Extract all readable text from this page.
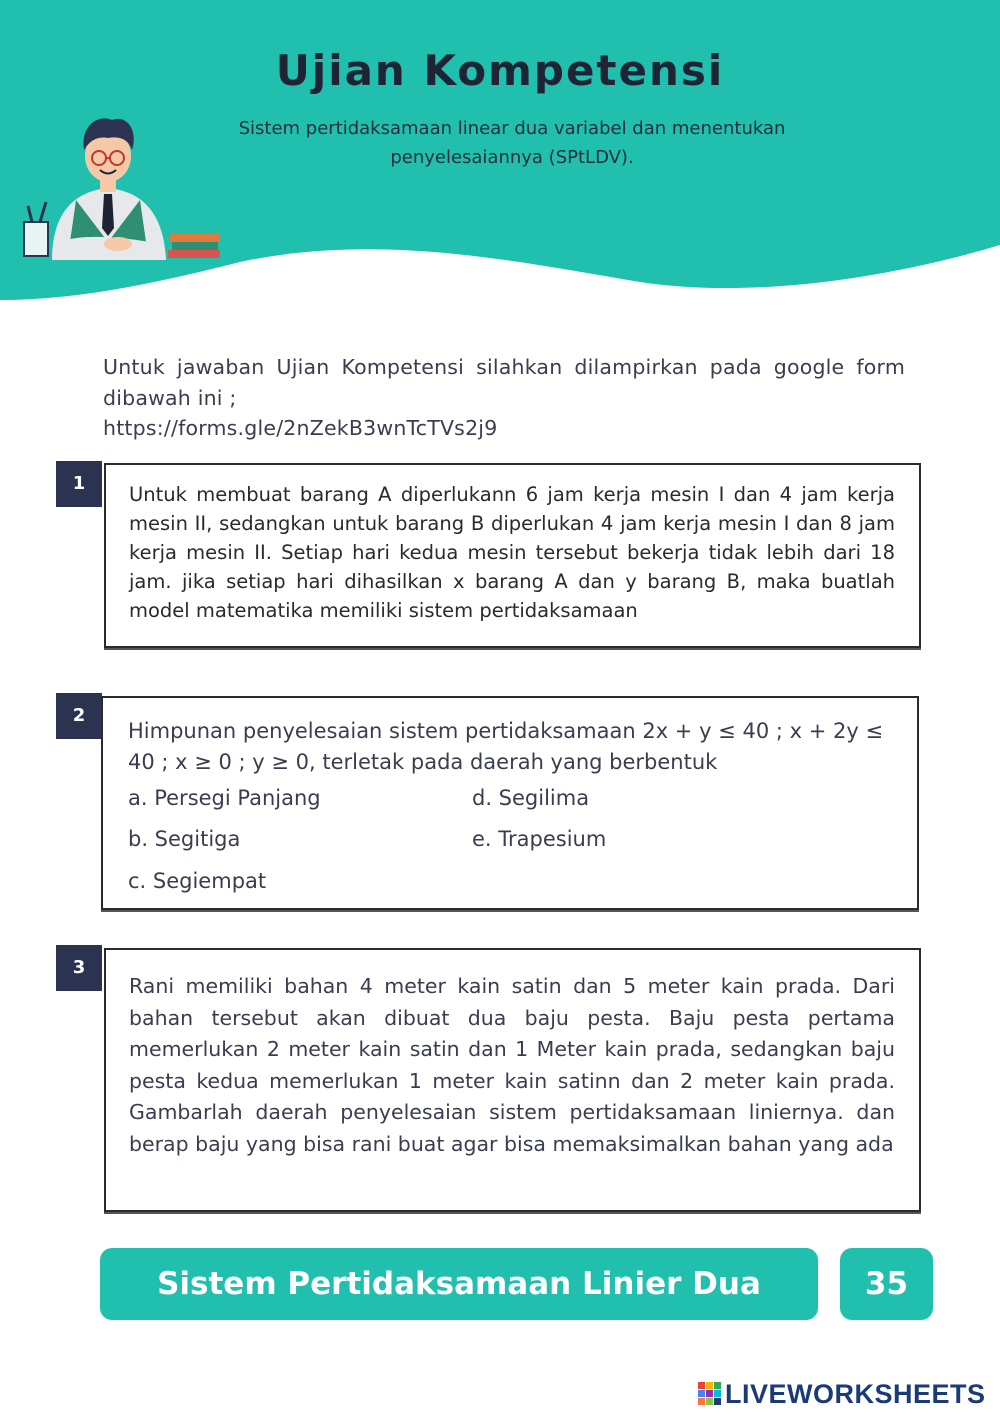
Ujian Kompetensi
Sistem pertidaksamaan linear dua variabel dan menentukan penyelesaiannya (SPtLDV).
Untuk jawaban Ujian Kompetensi silahkan dilampirkan pada google form dibawah ini ;
https://forms.gle/2nZekB3wnTcTVs2j9
1	Untuk membuat barang A diperlukann 6 jam kerja mesin I dan 4 jam kerja mesin II, sedangkan untuk barang B diperlukan 4 jam kerja mesin I dan 8 jam kerja mesin II. Setiap hari kedua mesin tersebut bekerja tidak lebih dari 18 jam. jika setiap hari dihasilkan x barang A dan y barang B, maka buatlah model matematika memiliki sistem pertidaksamaan
2
Himpunan penyelesaian sistem pertidaksamaan 2x + y ≤ 40 ; x + 2y ≤ 40 ; x ≥ 0 ; y ≥ 0, terletak pada daerah yang berbentuk
a. Persegi Panjang
b. Segitiga
c. Segiempat
d. Segilima
e. Trapesium
3
Rani memiliki bahan 4 meter kain satin dan 5 meter kain prada. Dari bahan tersebut akan dibuat dua baju pesta. Baju pesta pertama memerlukan 2 meter kain satin dan 1 Meter kain prada, sedangkan baju pesta kedua memerlukan 1 meter kain satinn dan 2 meter kain prada. Gambarlah daerah penyelesaian sistem pertidaksamaan liniernya. dan berap baju yang bisa rani buat agar bisa memaksimalkan bahan yang ada
Sistem Pertidaksamaan Linier Dua Variabel
35
LIVEWORKSHEETS
